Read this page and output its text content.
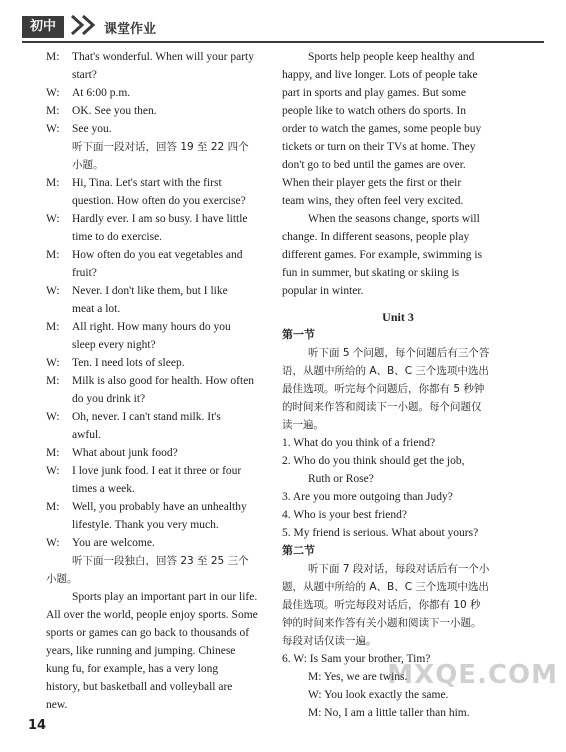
初中	课堂作业
M:	That's wonderful. When will your party
start?
W:	At 6:00 p.m.
M:	OK. See you then.
W:	See you.
听下面一段对话，回答 19 至 22 四个
小题。
M:	Hi, Tina. Let's start with the first
question. How often do you exercise?
W:	Hardly ever. I am so busy. I have little
time to do exercise.
M:	How often do you eat vegetables and
fruit?
W:	Never. I don't like them, but I like
meat a lot.
M:	All right. How many hours do you
sleep every night?
W:	Ten. I need lots of sleep.
M:	Milk is also good for health. How often
do you drink it?
W:	Oh, never. I can't stand milk. It's
awful.
M:	What about junk food?
W:	I love junk food. I eat it three or four
times a week.
M:	Well, you probably have an unhealthy
lifestyle. Thank you very much.
W:	You are welcome.
听下面一段独白，回答 23 至 25 三个
小题。
Sports play an important part in our life.
All over the world, people enjoy sports. Some
sports or games can go back to thousands of
years, like running and jumping. Chinese
kung fu, for example, has a very long
history, but basketball and volleyball are
new.
Sports help people keep healthy and
happy, and live longer. Lots of people take
part in sports and play games. But some
people like to watch others do sports. In
order to watch the games, some people buy
tickets or turn on their TVs at home. They
don't go to bed until the games are over.
When their player gets the first or their
team wins, they often feel very excited.
When the seasons change, sports will
change. In different seasons, people play
different games. For example, swimming is
fun in summer, but skating or skiing is
popular in winter.
Unit 3
第一节
听下面 5 个问题，每个问题后有三个答
语，从题中所给的 A、B、C 三个选项中选出
最佳选项。听完每个问题后，你都有 5 秒钟
的时间来作答和阅读下一小题。每个问题仅
读一遍。
1. What do you think of a friend?
2. Who do you think should get the job,
Ruth or Rose?
3. Are you more outgoing than Judy?
4. Who is your best friend?
5. My friend is serious. What about yours?
第二节
听下面 7 段对话，每段对话后有一个小
题，从题中所给的 A、B、C 三个选项中选出
最佳选项。听完每段对话后，你都有 10 秒
钟的时间来作答有关小题和阅读下一小题。
每段对话仅读一遍。
6. W: Is Sam your brother, Tim?
M: Yes, we are twins.
W: You look exactly the same.
M: No, I am a little taller than him.
14
MXQE.COM
